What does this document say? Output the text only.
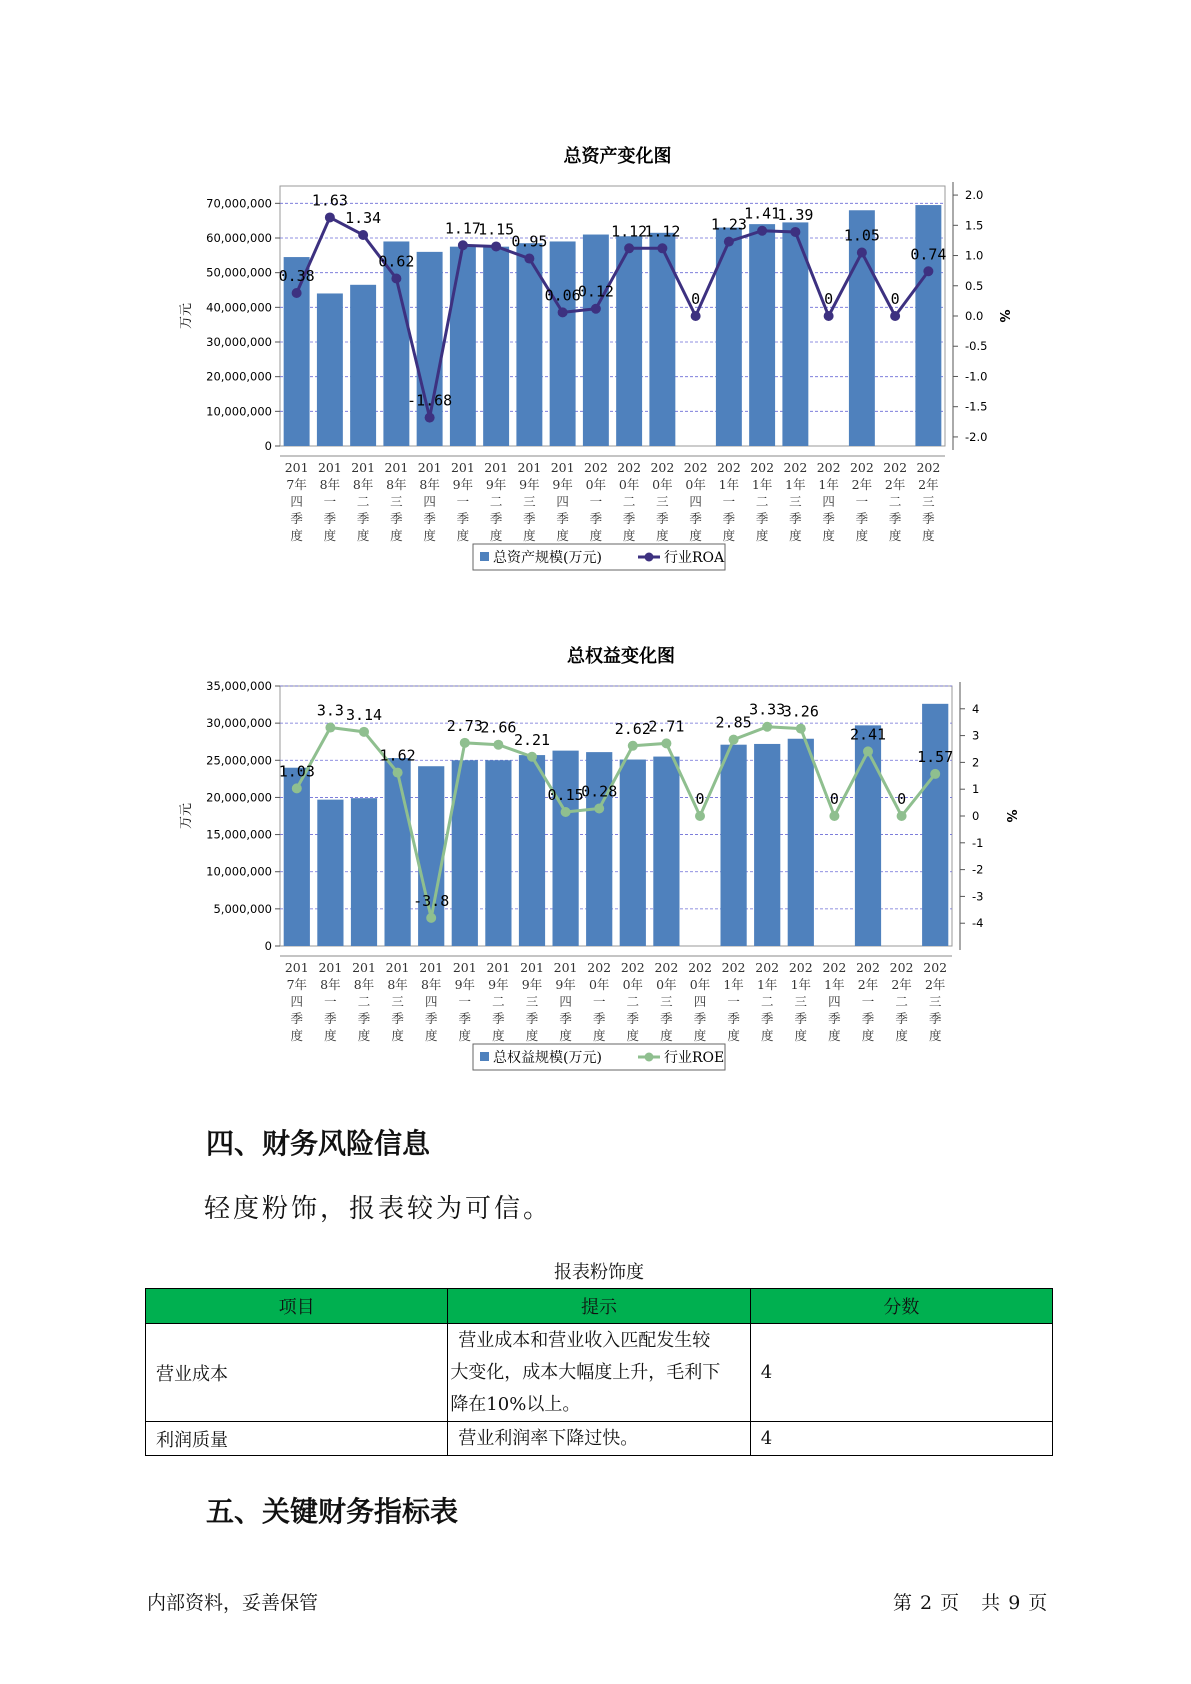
总资产变化图
70,000,000
60,000,000
50,000,000
40,000,000
30,000,000
20,000,000
10,000,000
0
2.0
1.5
1.0
0.5
0.0
-0.5
-1.0
-1.5
-2.0
万元	%
201
7年
四
季
度
201
8年
一
季
度
201
8年
二
季
度
201
8年
三
季
度
201
8年
四
季
度
201
9年
一
季
度
201
9年
二
季
度
201
9年
三
季
度
201
9年
四
季
度
202
0年
一
季
度
202
0年
二
季
度
202
0年
三
季
度
202
0年
四
季
度
202
1年
一
季
度
202
1年
二
季
度
202
1年
三
季
度
202
1年
四
季
度
202
2年
一
季
度
202
2年
二
季
度
202
2年
三
季
度
0.38
1.63
1.34
0.62
-1.68
1.17
1.15
0.95
0.06
0.12
1.12
1.12
0
1.23
1.41
1.39
0
1.05
0
0.74
总资产规模(万元)	行业ROA
总权益变化图
35,000,000
30,000,000
25,000,000
20,000,000
15,000,000
10,000,000
5,000,000
0
4
3
2
1
0
-1
-2
-3
-4
万元	%
201
7年
四
季
度
201
8年
一
季
度
201
8年
二
季
度
201
8年
三
季
度
201
8年
四
季
度
201
9年
一
季
度
201
9年
二
季
度
201
9年
三
季
度
201
9年
四
季
度
202
0年
一
季
度
202
0年
二
季
度
202
0年
三
季
度
202
0年
四
季
度
202
1年
一
季
度
202
1年
二
季
度
202
1年
三
季
度
202
1年
四
季
度
202
2年
一
季
度
202
2年
二
季
度
202
2年
三
季
度
1.03
3.3 3.14
1.62
-3.8
2.73
2.66
2.21
0.15
0.28
2.62
2.71
0
2.85
3.33
3.26
0
2.41
0
1.57
总权益规模(万元)	行业ROE
四、财务风险信息

轻度粉饰，报表较为可信。

报表粉饰度
项目	提示	分数
营业成本	营业成本和营业收入匹配发生较
大变化，成本大幅度上升，毛利下
降在10%以上。	4
利润质量	营业利润率下降过快。	4
五、关键财务指标表
内部资料，妥善保管	第 2 页 共 9 页
